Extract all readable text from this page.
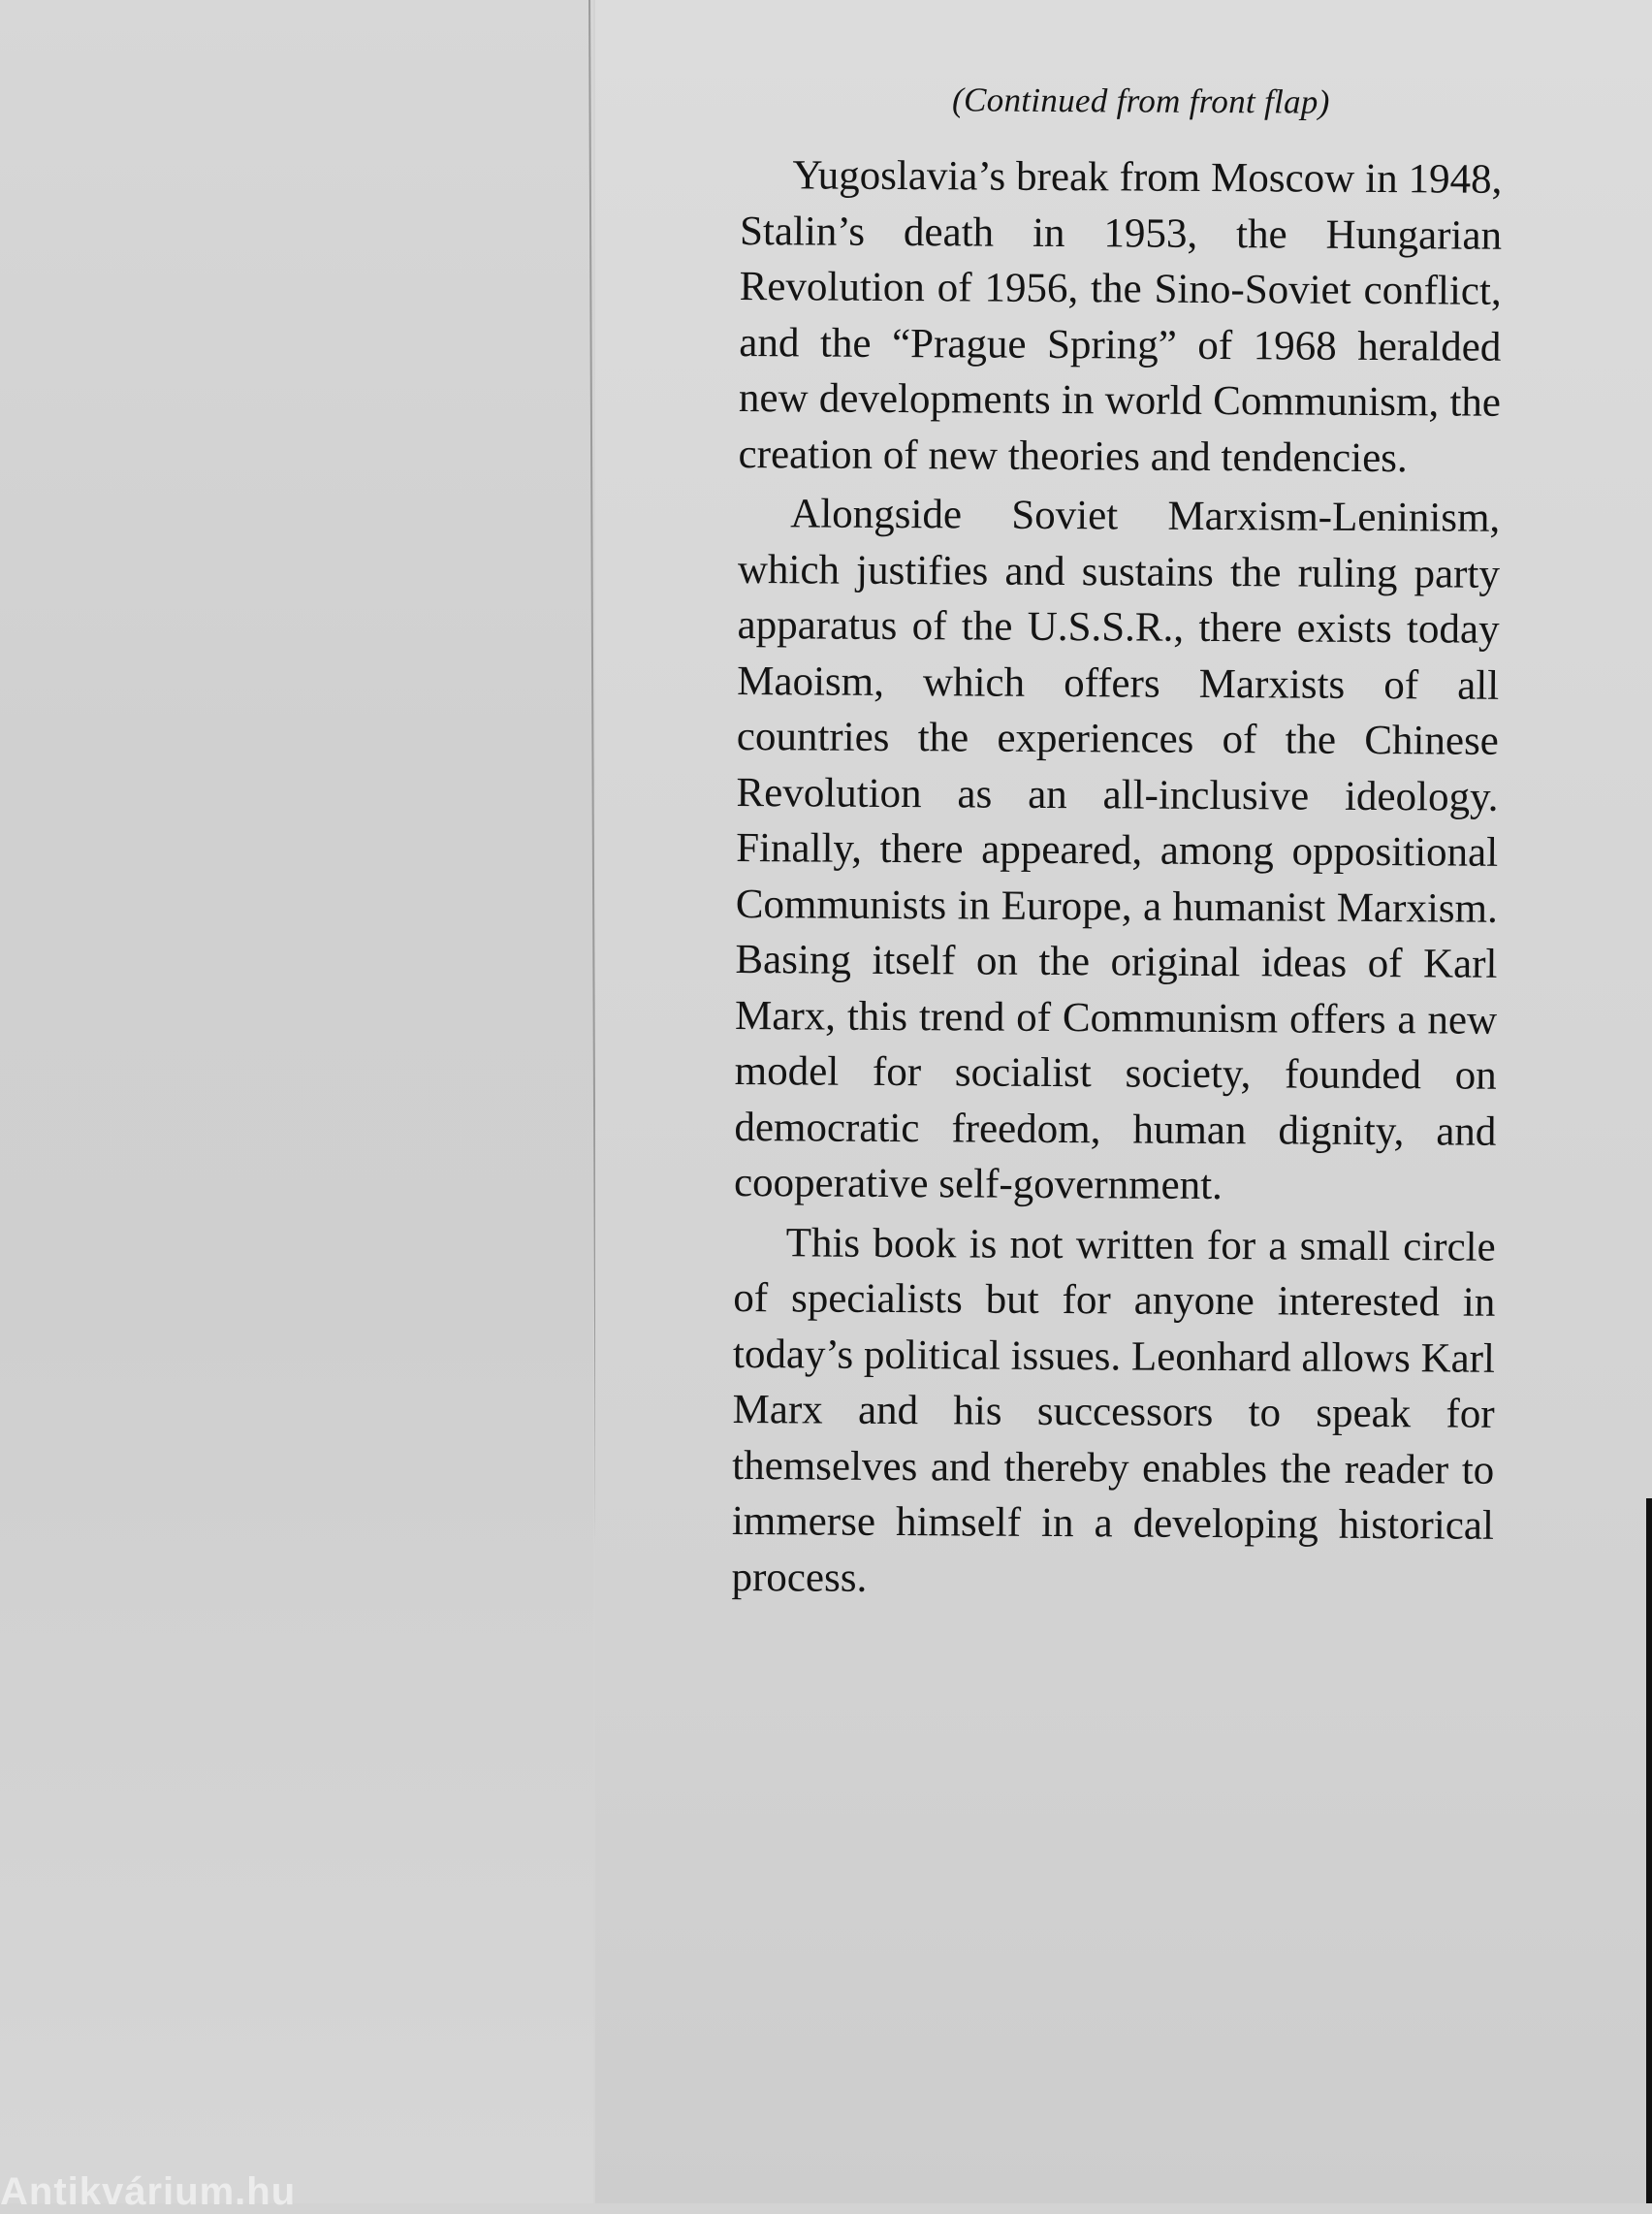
(Continued from front flap)

Yugoslavia’s break from Moscow in 1948, Stalin’s death in 1953, the Hungarian Revolution of 1956, the Sino-Soviet conflict, and the “Prague Spring” of 1968 heralded new developments in world Communism, the creation of new theories and tendencies.

Alongside Soviet Marxism-Leninism, which justifies and sustains the ruling party apparatus of the U.S.S.R., there exists today Maoism, which offers Marxists of all countries the experiences of the Chinese Revolution as an all-inclusive ideology. Finally, there appeared, among oppositional Communists in Europe, a humanist Marxism. Basing itself on the original ideas of Karl Marx, this trend of Communism offers a new model for socialist society, founded on democratic freedom, human dignity, and cooperative self-government.

This book is not written for a small circle of specialists but for anyone interested in today’s political issues. Leonhard allows Karl Marx and his successors to speak for themselves and thereby enables the reader to immerse himself in a developing historical process.

Antikvárium.hu
